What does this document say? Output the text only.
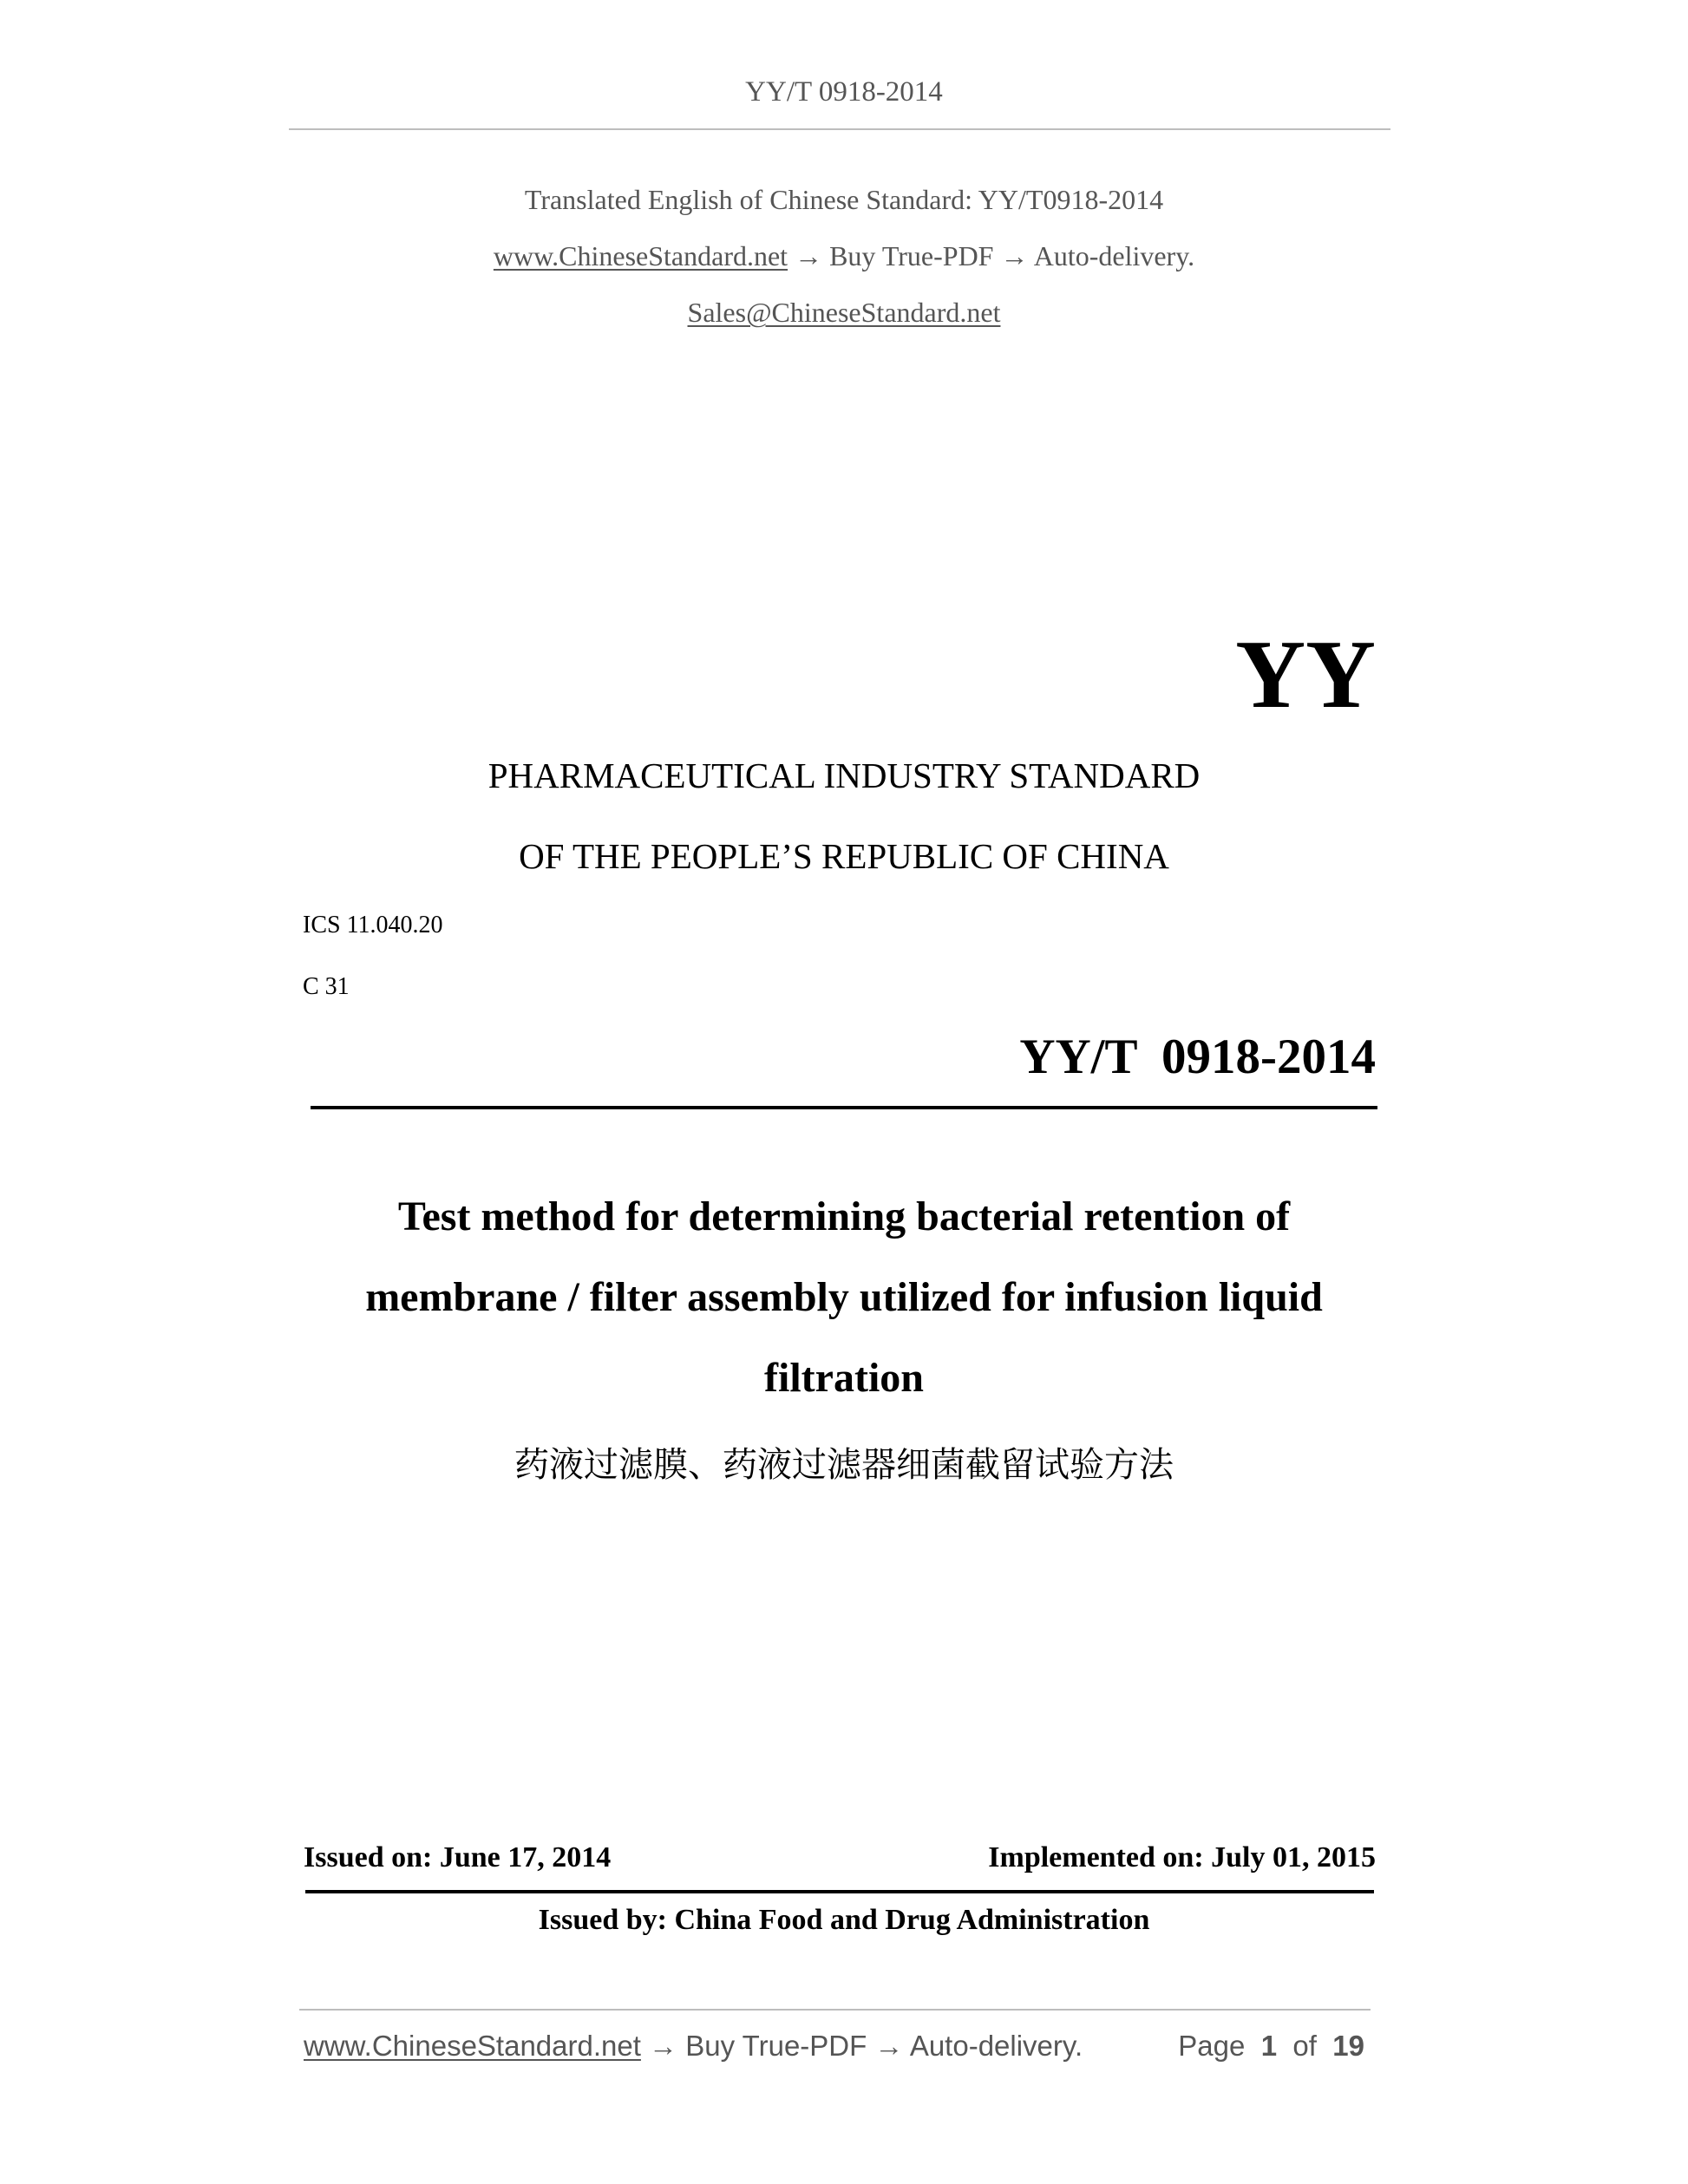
YY/T 0918-2014
Translated English of Chinese Standard: YY/T0918-2014
www.ChineseStandard.net → Buy True-PDF → Auto-delivery.
Sales@ChineseStandard.net
YY
PHARMACEUTICAL INDUSTRY STANDARD
OF THE PEOPLE’S REPUBLIC OF CHINA
ICS 11.040.20
C 31
YY/T  0918-2014
Test method for determining bacterial retention of
membrane / filter assembly utilized for infusion liquid
filtration
药液过滤膜、药液过滤器细菌截留试验方法
Issued on: June 17, 2014	Implemented on: July 01, 2015
Issued by: China Food and Drug Administration
www.ChineseStandard.net → Buy True-PDF → Auto-delivery.	Page 1 of 19
